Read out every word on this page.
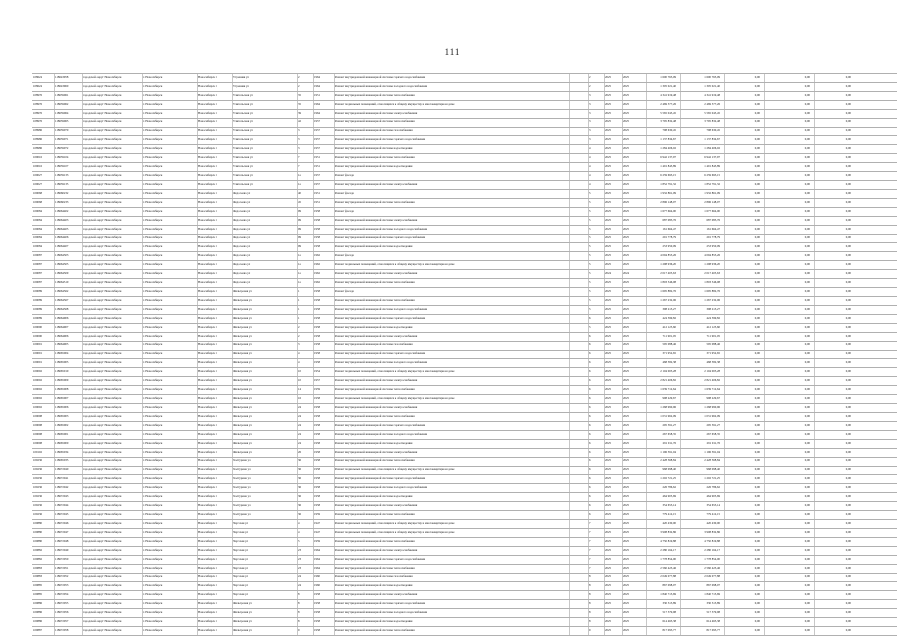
111
108624	118643958	городской округ Новосибирск	г. Новосибирск	Новосибирск г	Утренняя ул	2	1964	Ремонт внутридомовой инженерной системы горячего водоснабжения	2	2025	2025	1 600 763,09	1 600 763,09	0,00	0,00	0,00
108624	118643960	городской округ Новосибирск	г. Новосибирск	Новосибирск г	Утренняя ул	2	1964	Ремонт внутридомовой инженерной системы холодного водоснабжения	2	2025	2025	1 305 021,40	1 305 021,40	0,00	0,00	0,00
108976	118659061	городской округ Новосибирск	г. Новосибирск	Новосибирск г	Учительская ул	35	1951	Ремонт внутридомовой инженерной системы теплоснабжения	3	2025	2025	4 341 919,48	4 341 919,48	0,00	0,00	0,00
108976	118659062	городской округ Новосибирск	г. Новосибирск	Новосибирск г	Учительская ул	35	1964	Ремонт подвальных помещений, относящихся к общему имуществу в многоквартирном доме	3	2025	2025	2 469 577,26	2 469 577,26	0,00	0,00	0,00
108976	118659064	городской округ Новосибирск	г. Новосибирск	Новосибирск г	Учительская ул	39	1964	Ремонт внутридомовой инженерной системы электроснабжения	3	2025	2025	5 565 045,45	5 565 045,45	0,00	0,00	0,00
108976	118659065	городской округ Новосибирск	г. Новосибирск	Новосибирск г	Учительская ул	42	1957	Ремонт внутридомовой инженерной системы теплоснабжения	3	2025	2025	3 795 832,48	3 795 832,48	0,00	0,00	0,00
108986	118659070	городской округ Новосибирск	г. Новосибирск	Новосибирск г	Учительская ул	3	1957	Ремонт внутридомовой инженерной системы газоснабжения	3	2025	2025	798 630,45	798 630,45	0,00	0,00	0,00
108986	118659071	городской округ Новосибирск	г. Новосибирск	Новосибирск г	Учительская ул	3	1957	Ремонт внутридомовой инженерной системы горячего водоснабжения	3	2025	2025	1 137 834,67	1 137 834,67	0,00	0,00	0,00
108986	118659072	городской округ Новосибирск	г. Новосибирск	Новосибирск г	Учительская ул	3	1957	Ремонт внутридомовой инженерной системы водоотведения	4	2025	2025	1 284 406,02	1 284 406,02	0,00	0,00	0,00
109016	118659104	городской округ Новосибирск	г. Новосибирск	Новосибирск г	Учительская ул	7	1951	Ремонт внутридомовой инженерной системы теплоснабжения	4	2025	2025	6 942 137,97	6 942 137,97	0,00	0,00	0,00
109016	118659107	городской округ Новосибирск	г. Новосибирск	Новосибирск г	Учительская ул	7	1951	Ремонт внутридомовой инженерной системы водоотведения	4	2025	2025	1 491 843,89	1 491 843,89	0,00	0,00	0,00
109027	118659133	городской округ Новосибирск	г. Новосибирск	Новосибирск г	Учительская ул	1а	1957	Ремонт фасада	4	2025	2025	6 259 693,15	6 259 693,15	0,00	0,00	0,00
109027	118659135	городской округ Новосибирск	г. Новосибирск	Новосибирск г	Учительская ул	1а	1957	Ремонт внутридомовой инженерной системы электроснабжения	4	2025	2025	1 852 791,32	1 852 791,32	0,00	0,00	0,00
109068	118660232	городской округ Новосибирск	г. Новосибирск	Новосибирск г	Федосеева ул	40	1951	Ремонт фасада	5	2025	2025	1 932 861,09	1 932 861,09	0,00	0,00	0,00
109068	118660233	городской округ Новосибирск	г. Новосибирск	Новосибирск г	Федосеева ул	45	1951	Ремонт внутридомовой инженерной системы теплоснабжения	5	2025	2025	2 896 148,07	2 896 148,07	0,00	0,00	0,00
109084	118664402	городской округ Новосибирск	г. Новосибирск	Новосибирск г	Федосеева ул	99	1958	Ремонт фасада	5	2025	2025	1 677 664,00	1 677 664,00	0,00	0,00	0,00
109084	118664403	городской округ Новосибирск	г. Новосибирск	Новосибирск г	Федосеева ул	99	1958	Ремонт внутридомовой инженерной системы электроснабжения	5	2025	2025	687 083,76	687 083,76	0,00	0,00	0,00
109084	118664405	городской округ Новосибирск	г. Новосибирск	Новосибирск г	Федосеева ул	99	1958	Ремонт внутридомовой инженерной системы холодного водоснабжения	5	2025	2025	161 664,47	161 664,47	0,00	0,00	0,00
109084	118664406	городской округ Новосибирск	г. Новосибирск	Новосибирск г	Федосеева ул	99	1958	Ремонт внутридомовой инженерной системы горячего водоснабжения	5	2025	2025	291 778,79	291 778,79	0,00	0,00	0,00
109084	118664407	городской округ Новосибирск	г. Новосибирск	Новосибирск г	Федосеева ул	99	1958	Ремонт внутридомовой инженерной системы водоотведения	5	2025	2025	253 950,09	253 950,09	0,00	0,00	0,00
109087	118664503	городской округ Новосибирск	г. Новосибирск	Новосибирск г	Федосеева ул	1а	1962	Ремонт фасада	5	2025	2025	4 094 853,26	4 094 853,26	0,00	0,00	0,00
109087	118664505	городской округ Новосибирск	г. Новосибирск	Новосибирск г	Федосеева ул	1а	1962	Ремонт подвальных помещений, относящихся к общему имуществу в многоквартирном доме	5	2025	2025	1 298 936,20	1 298 936,20	0,00	0,00	0,00
109087	118664509	городской округ Новосибирск	г. Новосибирск	Новосибирск г	Федосеева ул	1а	1962	Ремонт внутридомовой инженерной системы электроснабжения	5	2024	2024	2 017 405,63	2 017 405,63	0,00	0,00	0,00
109087	118664510	городской округ Новосибирск	г. Новосибирск	Новосибирск г	Федосеева ул	1а	1962	Ремонт внутридомовой инженерной системы теплоснабжения	5	2025	2025	1 803 546,08	1 803 546,08	0,00	0,00	0,00
109089	118664562	городской округ Новосибирск	г. Новосибирск	Новосибирск г	Фильтровая ул	1	1958	Ремонт фасада	5	2025	2025	1 695 882,76	1 695 882,76	0,00	0,00	0,00
109089	118664567	городской округ Новосибирск	г. Новосибирск	Новосибирск г	Фильтровая ул	1	1958	Ремонт внутридомовой инженерной системы теплоснабжения	5	2025	2025	1 267 232,06	1 267 232,06	0,00	0,00	0,00
109089	118664568	городской округ Новосибирск	г. Новосибирск	Новосибирск г	Фильтровая ул	1	1958	Ремонт внутридомовой инженерной системы холодного водоснабжения	5	2025	2025	398 213,27	398 213,27	0,00	0,00	0,00
109089	118664906	городской округ Новосибирск	г. Новосибирск	Новосибирск г	Фильтровая ул	1	1958	Ремонт внутридомовой инженерной системы горячего водоснабжения	6	2025	2025	424 599,82	424 599,82	0,00	0,00	0,00
109090	118664907	городской округ Новосибирск	г. Новосибирск	Новосибирск г	Фильтровая ул	2	1958	Ремонт внутридомовой инженерной системы водоотведения	5	2025	2025	412 125,60	412 125,60	0,00	0,00	0,00
109090	118664906	городской округ Новосибирск	г. Новосибирск	Новосибирск г	Фильтровая ул	2	1958	Ремонт внутридомовой инженерной системы электроснабжения	6	2025	2025	711 901,05	711 901,05	0,00	0,00	0,00
109091	118664905	городской округ Новосибирск	г. Новосибирск	Новосибирск г	Фильтровая ул	3	1958	Ремонт внутридомовой инженерной системы газоснабжения	6	2025	2025	595 088,46	595 088,46	0,00	0,00	0,00
109091	118665004	городской округ Новосибирск	г. Новосибирск	Новосибирск г	Фильтровая ул	4	1958	Ремонт внутридомовой инженерной системы горячего водоснабжения	6	2025	2025	371 952,65	371 952,65	0,00	0,00	0,00
109091	118665005	городской округ Новосибирск	г. Новосибирск	Новосибирск г	Фильтровая ул	4	1958	Ремонт внутридомовой инженерной системы холодного водоснабжения	6	2025	2025	468 582,38	468 582,38	0,00	0,00	0,00
109092	118665010	городской округ Новосибирск	г. Новосибирск	Новосибирск г	Фильтровая ул	10	1954	Ремонт подвальных помещений, относящихся к общему имуществу в многоквартирном доме	6	2025	2025	2 104 003,28	2 104 003,28	0,00	0,00	0,00
109092	118665009	городской округ Новосибирск	г. Новосибирск	Новосибирск г	Фильтровая ул	10	1957	Ремонт внутридомовой инженерной системы электроснабжения	6	2025	2025	2 821 406,82	2 821 406,82	0,00	0,00	0,00
109092	118665008	городской округ Новосибирск	г. Новосибирск	Новосибирск г	Фильтровая ул	14	1959	Ремонт внутридомовой инженерной системы теплоснабжения	6	2025	2025	1 639 712,64	1 639 712,64	0,00	0,00	0,00
109092	118665007	городской округ Новосибирск	г. Новосибирск	Новосибирск г	Фильтровая ул	16	1958	Ремонт подвальных помещений, относящихся к общему имуществу в многоквартирном доме	6	2025	2025	998 229,67	998 229,67	0,00	0,00	0,00
109092	118665006	городской округ Новосибирск	г. Новосибирск	Новосибирск г	Фильтровая ул	24	1958	Ремонт внутридомовой инженерной системы электроснабжения	6	2025	2025	1 268 990,96	1 268 990,96	0,00	0,00	0,00
109098	118665003	городской округ Новосибирск	г. Новосибирск	Новосибирск г	Фильтровая ул	24	1958	Ремонт внутридомовой инженерной системы теплоснабжения	6	2025	2025	1 031 962,09	1 031 962,09	0,00	0,00	0,00
109098	118665002	городской округ Новосибирск	г. Новосибирск	Новосибирск г	Фильтровая ул	24	1958	Ремонт внутридомовой инженерной системы горячего водоснабжения	6	2025	2025	295 591,27	295 591,27	0,00	0,00	0,00
109098	118665001	городской округ Новосибирск	г. Новосибирск	Новосибирск г	Фильтровая ул	24	1958	Ремонт внутридомовой инженерной системы холодного водоснабжения	6	2025	2025	267 658,35	267 658,35	0,00	0,00	0,00
109098	118665000	городской округ Новосибирск	г. Новосибирск	Новосибирск г	Фильтровая ул	24	1958	Ремонт внутридомовой инженерной системы водоотведения	6	2025	2025	291 911,76	291 911,76	0,00	0,00	0,00
109102	118665034	городской округ Новосибирск	г. Новосибирск	Новосибирск г	Фильтровая ул	26	1958	Ремонт внутридомовой инженерной системы электроснабжения	6	2025	2025	1 196 591,04	1 196 591,04	0,00	0,00	0,00
109236	118665035	городской округ Новосибирск	г. Новосибирск	Новосибирск г	Халтурина ул	36	1958	Ремонт внутридомовой инженерной системы теплоснабжения	6	2025	2025	2 428 568,84	2 428 568,84	0,00	0,00	0,00
109236	118672040	городской округ Новосибирск	г. Новосибирск	Новосибирск г	Халтурина ул	36	1958	Ремонт подвальных помещений, относящихся к общему имуществу в многоквартирном доме	6	2025	2025	968 098,40	968 098,40	0,00	0,00	0,00
109236	118672041	городской округ Новосибирск	г. Новосибирск	Новосибирск г	Халтурина ул	36	1958	Ремонт внутридомовой инженерной системы горячего водоснабжения	6	2025	2025	1 202 721,25	1 202 721,25	0,00	0,00	0,00
109236	118672042	городской округ Новосибирск	г. Новосибирск	Новосибирск г	Халтурина ул	36	1958	Ремонт внутридомовой инженерной системы холодного водоснабжения	6	2025	2025	226 786,62	226 786,62	0,00	0,00	0,00
109236	118672043	городской округ Новосибирск	г. Новосибирск	Новосибирск г	Халтурина ул	36	1958	Ремонт внутридомовой инженерной системы водоотведения	6	2025	2025	464 905,69	464 905,69	0,00	0,00	0,00
109236	118672044	городской округ Новосибирск	г. Новосибирск	Новосибирск г	Халтурина ул	36	1958	Ремонт внутридомовой инженерной системы электроснабжения	6	2025	2025	354 653,14	354 653,14	0,00	0,00	0,00
109236	118672045	городской округ Новосибирск	г. Новосибирск	Новосибирск г	Халтурина ул	36	1959	Ремонт внутридомовой инженерной системы теплоснабжения	6	2025	2025	779 412,15	779 412,15	0,00	0,00	0,00
109880	118672046	городской округ Новосибирск	г. Новосибирск	Новосибирск г	Чаусская ул	4	1947	Ремонт подвальных помещений, относящихся к общему имуществу в многоквартирном доме	7	2025	2025	420 430,00	420 430,00	0,00	0,00	0,00
109880	118672047	городской округ Новосибирск	г. Новосибирск	Новосибирск г	Чаусская ул	4	1947	Ремонт подвальных помещений, относящихся к общему имуществу в многоквартирном доме	7	2025	2025	3 908 832,86	3 908 832,86	0,00	0,00	0,00
109880	118672048	городской округ Новосибирск	г. Новосибирск	Новосибирск г	Чаусская ул	5	1959	Ремонт внутридомовой инженерной системы теплоснабжения	7	2025	2025	4 750 819,88	4 750 819,88	0,00	0,00	0,00
109882	118672049	городской округ Новосибирск	г. Новосибирск	Новосибирск г	Чаусская ул	23	1964	Ремонт внутридомовой инженерной системы электроснабжения	7	2025	2025	2 280 164,17	2 280 164,17	0,00	0,00	0,00
109882	118672050	городской округ Новосибирск	г. Новосибирск	Новосибирск г	Чаусская ул	23	1964	Ремонт внутридомовой инженерной системы горячего водоснабжения	7	2025	2025	1 778 854,00	1 778 854,00	0,00	0,00	0,00
109883	118672051	городской округ Новосибирск	г. Новосибирск	Новосибирск г	Чаусская ул	23	1964	Ремонт внутридомовой инженерной системы теплоснабжения	7	2025	2025	2 560 423,46	2 560 423,46	0,00	0,00	0,00
109883	118672052	городской округ Новосибирск	г. Новосибирск	Новосибирск г	Чаусская ул	24	1960	Ремонт внутридомовой инженерной системы газоснабжения	8	2025	2025	2 049 077,88	2 049 077,88	0,00	0,00	0,00
109885	118672053	городской округ Новосибирск	г. Новосибирск	Новосибирск г	Чаусская ул	24	1960	Ремонт внутридомовой инженерной системы водоотведения	8	2025	2025	867 098,07	867 098,07	0,00	0,00	0,00
109885	118672054	городской округ Новосибирск	г. Новосибирск	Новосибирск г	Чаусская ул	8	1958	Ремонт внутридомовой инженерной системы электроснабжения	8	2025	2025	1 840 713,69	1 840 713,69	0,00	0,00	0,00
109886	118672055	городской округ Новосибирск	г. Новосибирск	Новосибирск г	Фильтровая ул	8	1958	Ремонт внутридомовой инженерной системы горячего водоснабжения	8	2025	2025	330 513,89	330 513,89	0,00	0,00	0,00
109886	118672056	городской округ Новосибирск	г. Новосибирск	Новосибирск г	Фильтровая ул	8	1958	Ремонт внутридомовой инженерной системы холодного водоснабжения	8	2025	2025	517 579,98	517 579,98	0,00	0,00	0,00
109886	118672057	городской округ Новосибирск	г. Новосибирск	Новосибирск г	Фильтровая ул	8	1958	Ремонт внутридомовой инженерной системы водоотведения	8	2025	2025	614 463,38	614 463,38	0,00	0,00	0,00
109887	118672058	городской округ Новосибирск	г. Новосибирск	Новосибирск г	Фильтровая ул	9	1958	Ремонт внутридомовой инженерной системы теплоснабжения	9	2025	2025	817 093,77	817 093,77	0,00	0,00	0,00
